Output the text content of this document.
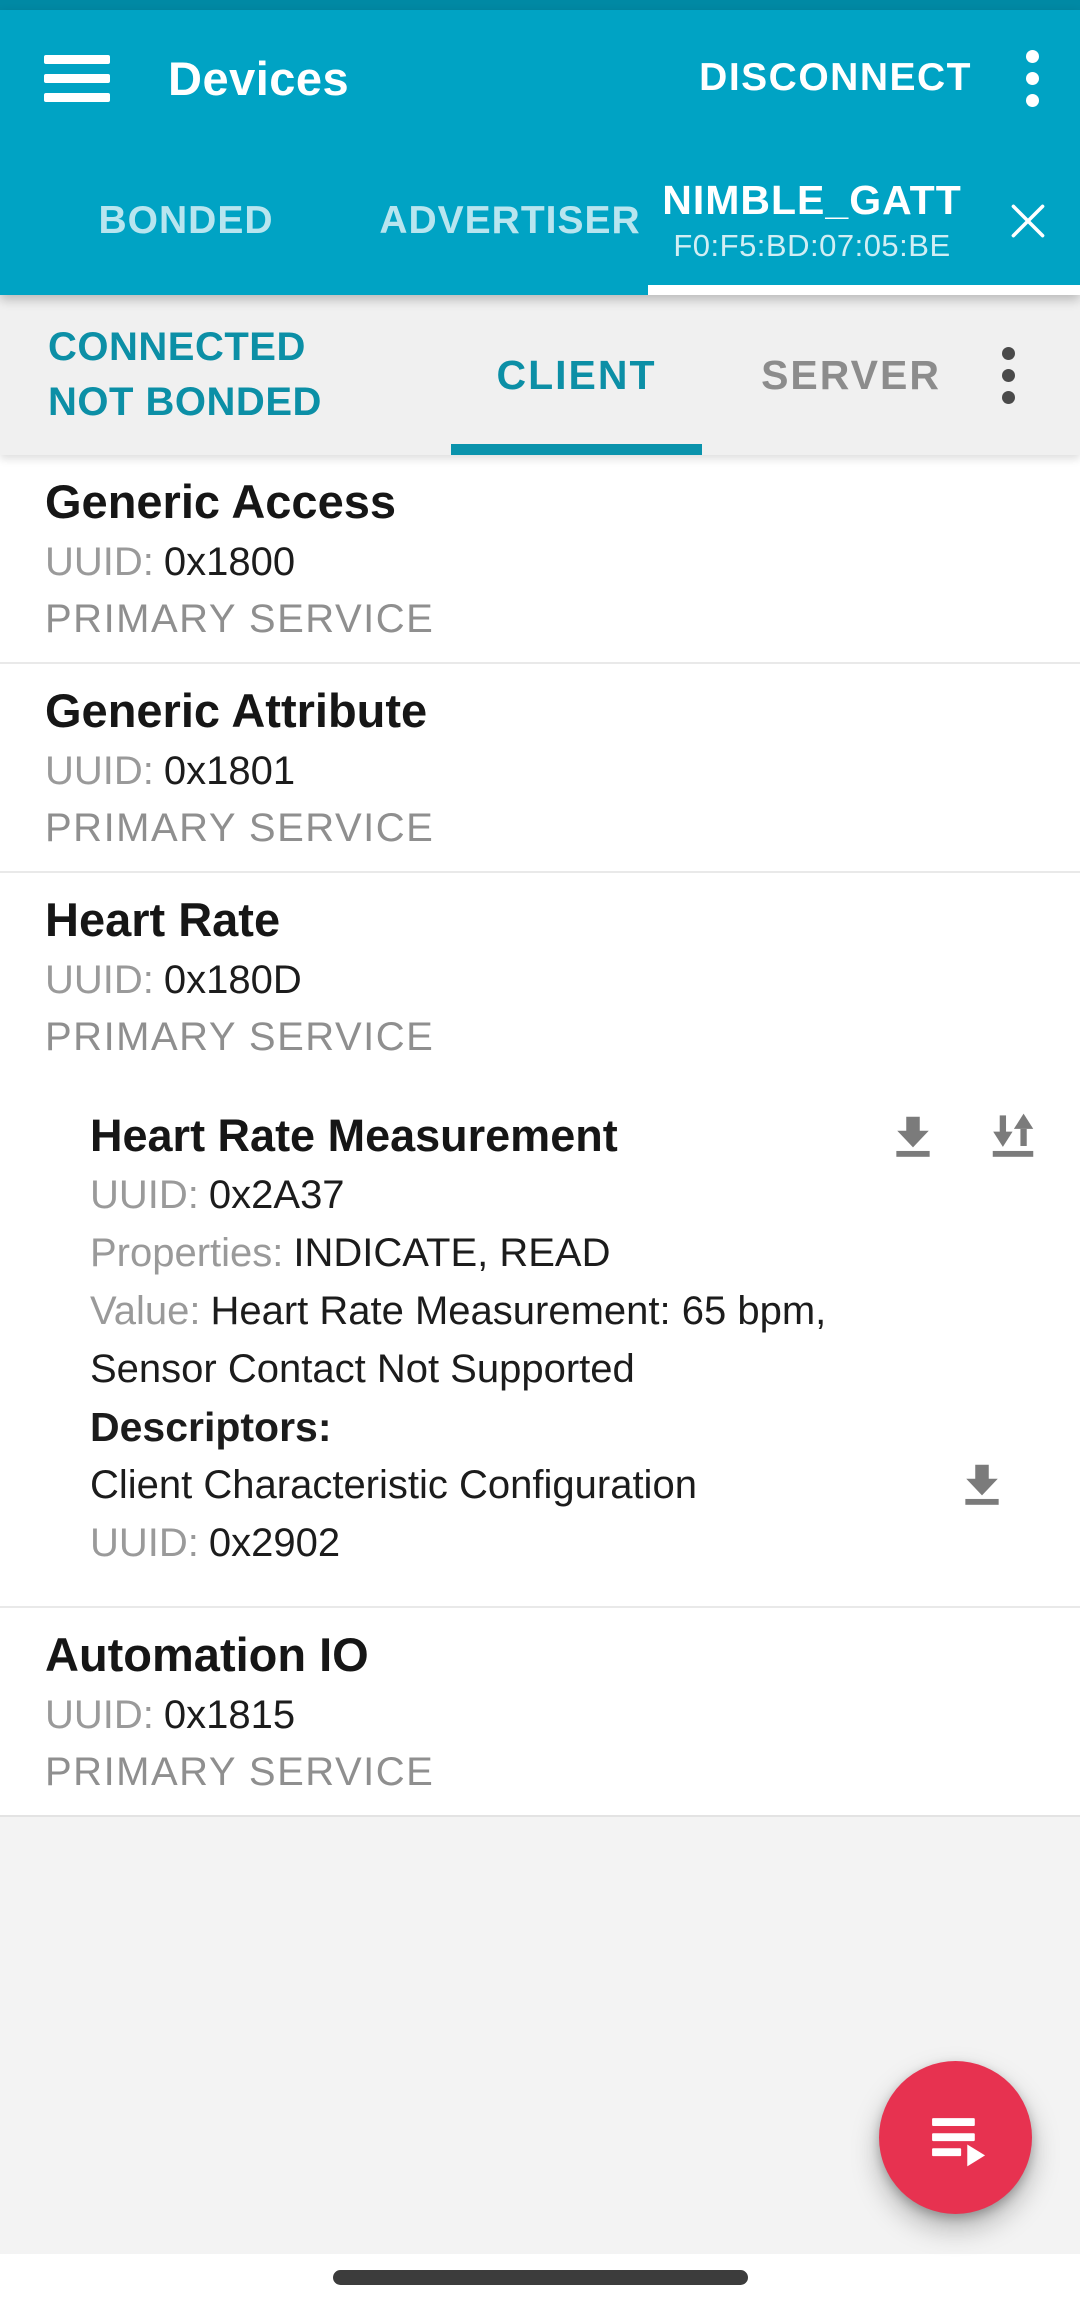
Devices	DISCONNECT
BONDED	ADVERTISER NIMBLE_GATT
F0:F5:BD:07:05:BE
CONNECTED
NOT BONDED
CLIENT	SERVER
Generic Access
UUID: 0x1800
PRIMARY SERVICE
Generic Attribute
UUID: 0x1801
PRIMARY SERVICE
Heart Rate
UUID: 0x180D
PRIMARY SERVICE
Heart Rate Measurement
UUID: 0x2A37
Properties: INDICATE, READ
Value: Heart Rate Measurement: 65 bpm, Sensor Contact Not Supported
Descriptors:
Client Characteristic Configuration
UUID: 0x2902
Automation IO
UUID: 0x1815
PRIMARY SERVICE
